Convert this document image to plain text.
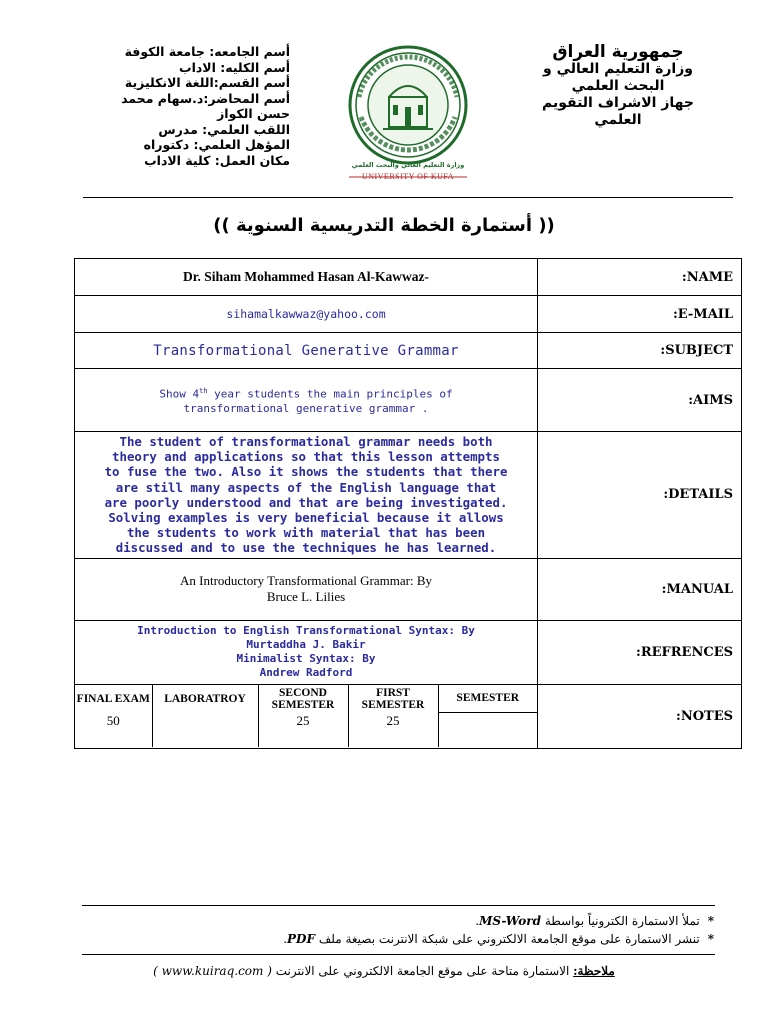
جمهورية العراق
وزارة التعليم العالي و
البحث العلمي
جهاز الاشراف التقويم
العلمي
أسم الجامعه: جامعة الكوفة
أسم الكليه: الاداب
أسم القسم:اللغة الانكليزية
أسم المحاضر:د.سهام محمد
حسن الكواز
اللقب العلمي: مدرس
المؤهل العلمي: دكتوراه
مكان العمل: كلية الاداب	وزارة التعليم العالي والبحث العلمي
UNIVERSITY OF KUFA
(( أستمارة الخطة التدريسية السنوية ))
Dr. Siham Mohammed Hasan Al-Kawwaz-	:NAME
sihamalkawwaz@yahoo.com	:E-MAIL
Transformational Generative Grammar	:SUBJECT
Show 4th year students the main principles of
transformational generative grammar .	:AIMS

The student of transformational grammar needs both
theory and applications so that this lesson attempts
to fuse the two. Also it shows the students that there
are still many aspects of the English language that
are poorly understood and that are being investigated.
Solving examples is very beneficial because it allows
the students to work with material that has been
discussed and to use the techniques he has learned.
	:DETAILS

An Introductory Transformational Grammar: By
Bruce L. Lilies	:MANUAL

Introduction to English Transformational Syntax: By
Murtaddha J. Bakir
Minimalist Syntax: By
Andrew Radford
	:REFRENCES

FINAL EXAM	LABORATROY	SECOND SEMESTER	FIRST SEMESTER	SEMESTER
50		25	25	
		:NOTES
*تملأ الاستمارة الكترونياً بواسطة MS-Word.
*تنشر الاستمارة على موقع الجامعة الالكتروني على شبكة الانترنت بصيغة ملف PDF.
ملاحظة: الاستمارة متاحة على موقع الجامعة الالكتروني على الانترنت ( www.kuiraq.com )
